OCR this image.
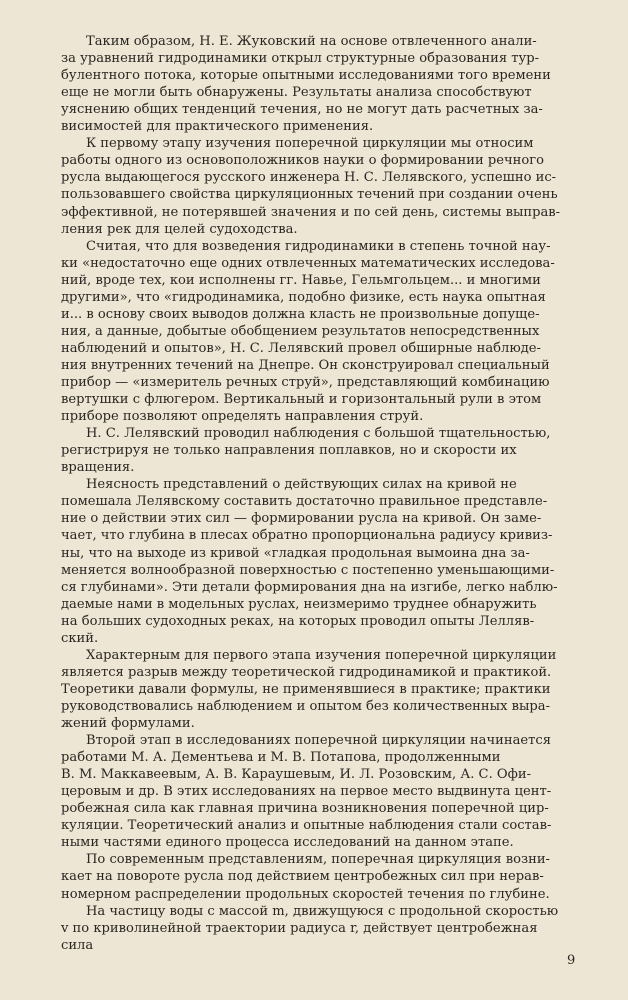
Таким образом, Н. Е. Жуковский на основе отвлеченного анали-
за уравнений гидродинамики открыл структурные образования тур-
булентного потока, которые опытными исследованиями того времени
еще не могли быть обнаружены. Результаты анализа способствуют
уяснению общих тенденций течения, но не могут дать расчетных за-
висимостей для практического применения.
К первому этапу изучения поперечной циркуляции мы относим
работы одного из основоположников науки о формировании речного
русла выдающегося русского инженера Н. С. Лелявского, успешно ис-
пользовавшего свойства циркуляционных течений при создании очень
эффективной, не потерявшей значения и по сей день, системы выправ-
ления рек для целей судоходства.
Считая, что для возведения гидродинамики в степень точной нау-
ки «недостаточно еще одних отвлеченных математических исследова-
ний, вроде тех, кои исполнены гг. Навье, Гельмгольцем... и многими
другими», что «гидродинамика, подобно физике, есть наука опытная
и... в основу своих выводов должна класть не произвольные допуще-
ния, а данные, добытые обобщением результатов непосредственных
наблюдений и опытов», Н. С. Лелявский провел обширные наблюде-
ния внутренних течений на Днепре. Он сконструировал специальный
прибор — «измеритель речных струй», представляющий комбинацию
вертушки с флюгером. Вертикальный и горизонтальный рули в этом
приборе позволяют определять направления струй.
Н. С. Лелявский проводил наблюдения с большой тщательностью,
регистрируя не только направления поплавков, но и скорости их
вращения.
Неясность представлений о действующих силах на кривой не
помешала Лелявскому составить достаточно правильное представле-
ние о действии этих сил — формировании русла на кривой. Он заме-
чает, что глубина в плесах обратно пропорциональна радиусу кривиз-
ны, что на выходе из кривой «гладкая продольная вымоина дна за-
меняется волнообразной поверхностью с постепенно уменьшающими-
ся глубинами». Эти детали формирования дна на изгибе, легко наблю-
даемые нами в модельных руслах, неизмеримо труднее обнаружить
на больших судоходных реках, на которых проводил опыты Лелляв-
ский.
Характерным для первого этапа изучения поперечной циркуляции
является разрыв между теоретической гидродинамикой и практикой.
Теоретики давали формулы, не применявшиеся в практике; практики
руководствовались наблюдением и опытом без количественных выра-
жений формулами.
Второй этап в исследованиях поперечной циркуляции начинается
работами М. А. Дементьева и М. В. Потапова, продолженными
В. М. Маккавеевым, А. В. Караушевым, И. Л. Розовским, А. С. Офи-
церовым и др. В этих исследованиях на первое место выдвинута цент-
робежная сила как главная причина возникновения поперечной цир-
куляции. Теоретический анализ и опытные наблюдения стали состав-
ными частями единого процесса исследований на данном этапе.
По современным представлениям, поперечная циркуляция возни-
кает на повороте русла под действием центробежных сил при нерав-
номерном распределении продольных скоростей течения по глубине.
На частицу воды с массой m, движущуюся с продольной скоростью
v по криволинейной траектории радиуса r, действует центробежная
сила
9
